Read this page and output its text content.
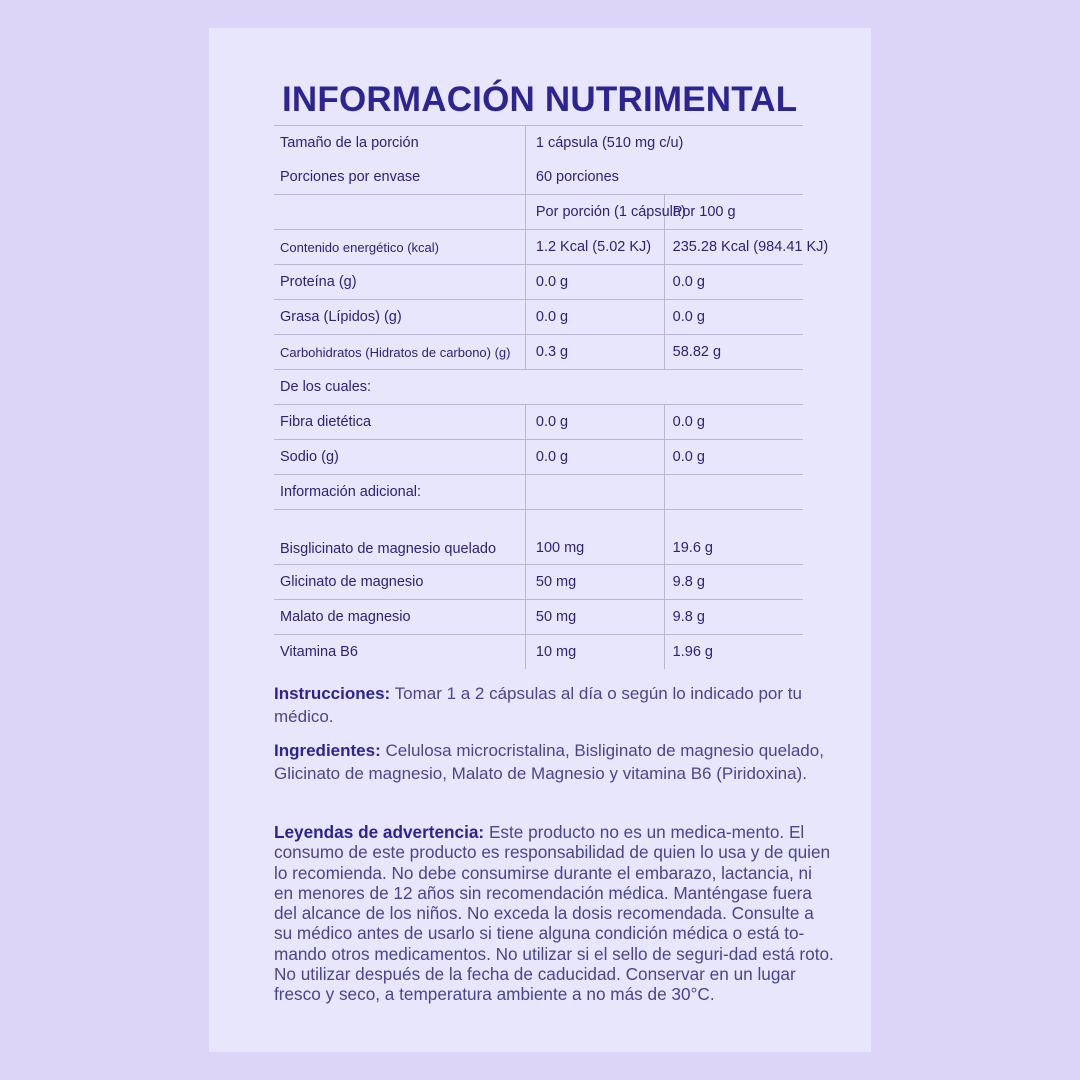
INFORMACIÓN NUTRIMENTAL
Tamaño de la porción	1 cápsula (510 mg c/u)	
Porciones por envase	60 porciones	
	Por porción (1 cápsula)	Por 100 g
Contenido energético (kcal)	1.2 Kcal (5.02 KJ)	235.28 Kcal (984.41 KJ)
Proteína (g)	0.0 g	0.0 g
Grasa (Lípidos) (g)	0.0 g	0.0 g
Carbohidratos (Hidratos de carbono) (g)	0.3 g	58.82 g
De los cuales:		
Fibra dietética	0.0 g	0.0 g
Sodio (g)	0.0 g	0.0 g
Información adicional:		
Bisglicinato de magnesio quelado	100 mg	19.6 g
Glicinato de magnesio	50 mg	9.8 g
Malato de magnesio	50 mg	9.8 g
Vitamina B6	10 mg	1.96 g

Instrucciones: Tomar 1 a 2 cápsulas al día o según lo indicado por tu médico.

Ingredientes: Celulosa microcristalina, Bisliginato de magnesio quelado, Glicinato de magnesio, Malato de Magnesio y vitamina B6 (Piridoxina).

Leyendas de advertencia: Este producto no es un medica-mento. El consumo de este producto es responsabilidad de quien lo usa y de quien lo recomienda. No debe consumirse durante el embarazo, lactancia, ni en menores de 12 años sin recomendación médica. Manténgase fuera del alcance de los niños. No exceda la dosis recomendada. Consulte a su médico antes de usarlo si tiene alguna condición médica o está to-mando otros medicamentos. No utilizar si el sello de seguri-dad está roto. No utilizar después de la fecha de caducidad. Conservar en un lugar fresco y seco, a temperatura ambiente a no más de 30°C.
